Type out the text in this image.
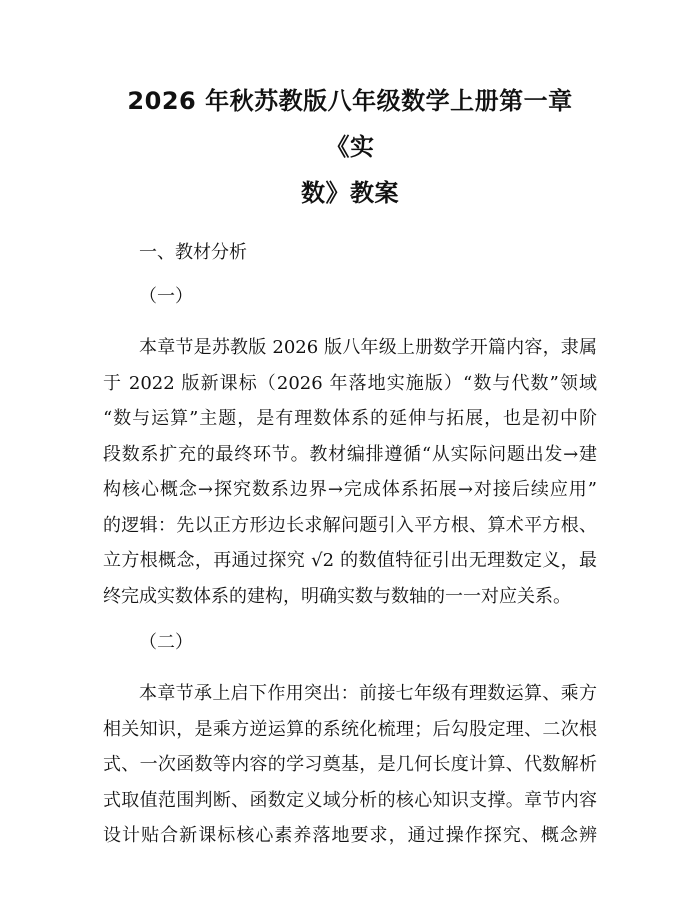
2026 年秋苏教版八年级数学上册第一章《实
数》教案

一、教材分析

（一）

本章节是苏教版 2026 版八年级上册数学开篇内容，隶属
于 2022 版新课标（2026 年落地实施版）“数与代数”领域
“数与运算”主题，是有理数体系的延伸与拓展，也是初中阶
段数系扩充的最终环节。教材编排遵循“从实际问题出发→建
构核心概念→探究数系边界→完成体系拓展→对接后续应用”
的逻辑：先以正方形边长求解问题引入平方根、算术平方根、
立方根概念，再通过探究 √2 的数值特征引出无理数定义，最
终完成实数体系的建构，明确实数与数轴的一一对应关系。

（二）

本章节承上启下作用突出：前接七年级有理数运算、乘方
相关知识，是乘方逆运算的系统化梳理；后勾股定理、二次根
式、一次函数等内容的学习奠基，是几何长度计算、代数解析
式取值范围判断、函数定义域分析的核心知识支撑。章节内容
设计贴合新课标核心素养落地要求，通过操作探究、概念辨
